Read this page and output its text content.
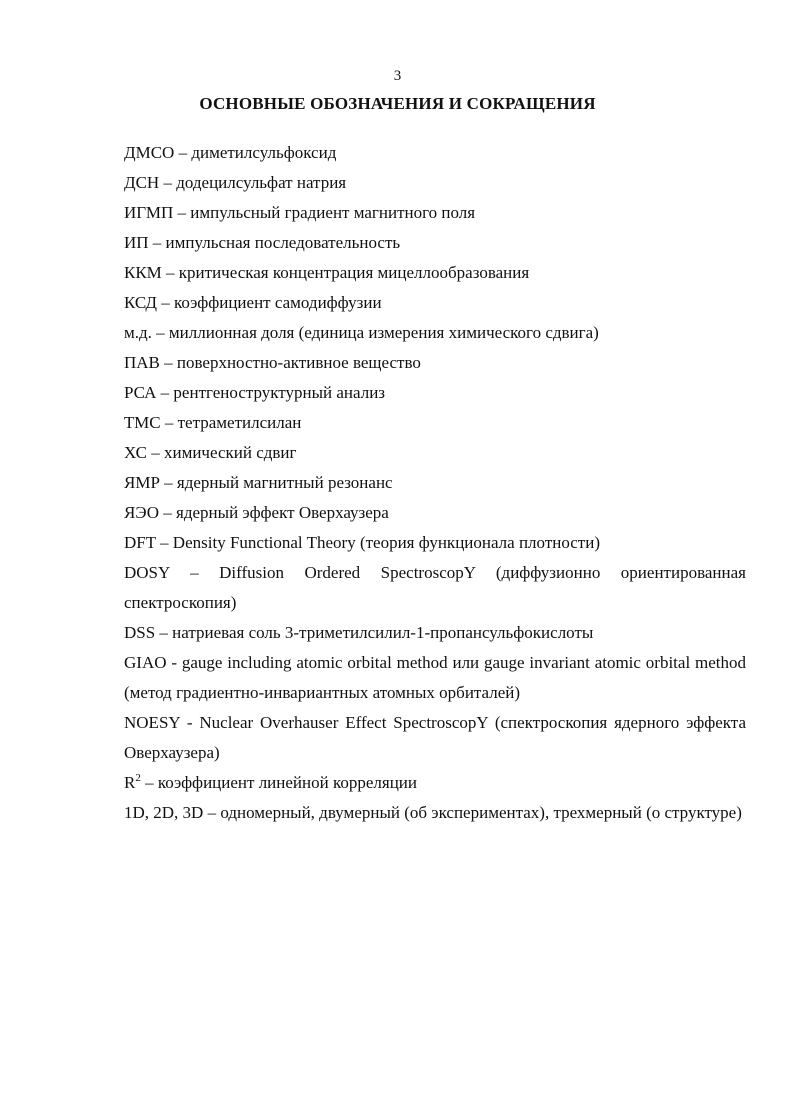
3
ОСНОВНЫЕ ОБОЗНАЧЕНИЯ И СОКРАЩЕНИЯ
ДМСО – диметилсульфоксид
ДСН – додецилсульфат натрия
ИГМП – импульсный градиент магнитного поля
ИП – импульсная последовательность
ККМ – критическая концентрация мицеллообразования
КСД – коэффициент самодиффузии
м.д. – миллионная доля (единица измерения химического сдвига)
ПАВ – поверхностно-активное вещество
РСА – рентгеноструктурный анализ
ТМС – тетраметилсилан
ХС – химический сдвиг
ЯМР – ядерный магнитный резонанс
ЯЭО – ядерный эффект Оверхаузера
DFT – Density Functional Theory (теория функционала плотности)
DOSY – Diffusion Ordered SpectroscopY (диффузионно ориентированная спектроскопия)
DSS – натриевая соль 3-триметилсилил-1-пропансульфокислоты
GIAO - gauge including atomic orbital method или gauge invariant atomic orbital method (метод градиентно-инвариантных атомных орбиталей)
NOESY - Nuclear Overhauser Effect SpectroscopY (спектроскопия ядерного эффекта Оверхаузера)
$R^2$ – коэффициент линейной корреляции
1D, 2D, 3D – одномерный, двумерный (об экспериментах), трехмерный (о структуре)
